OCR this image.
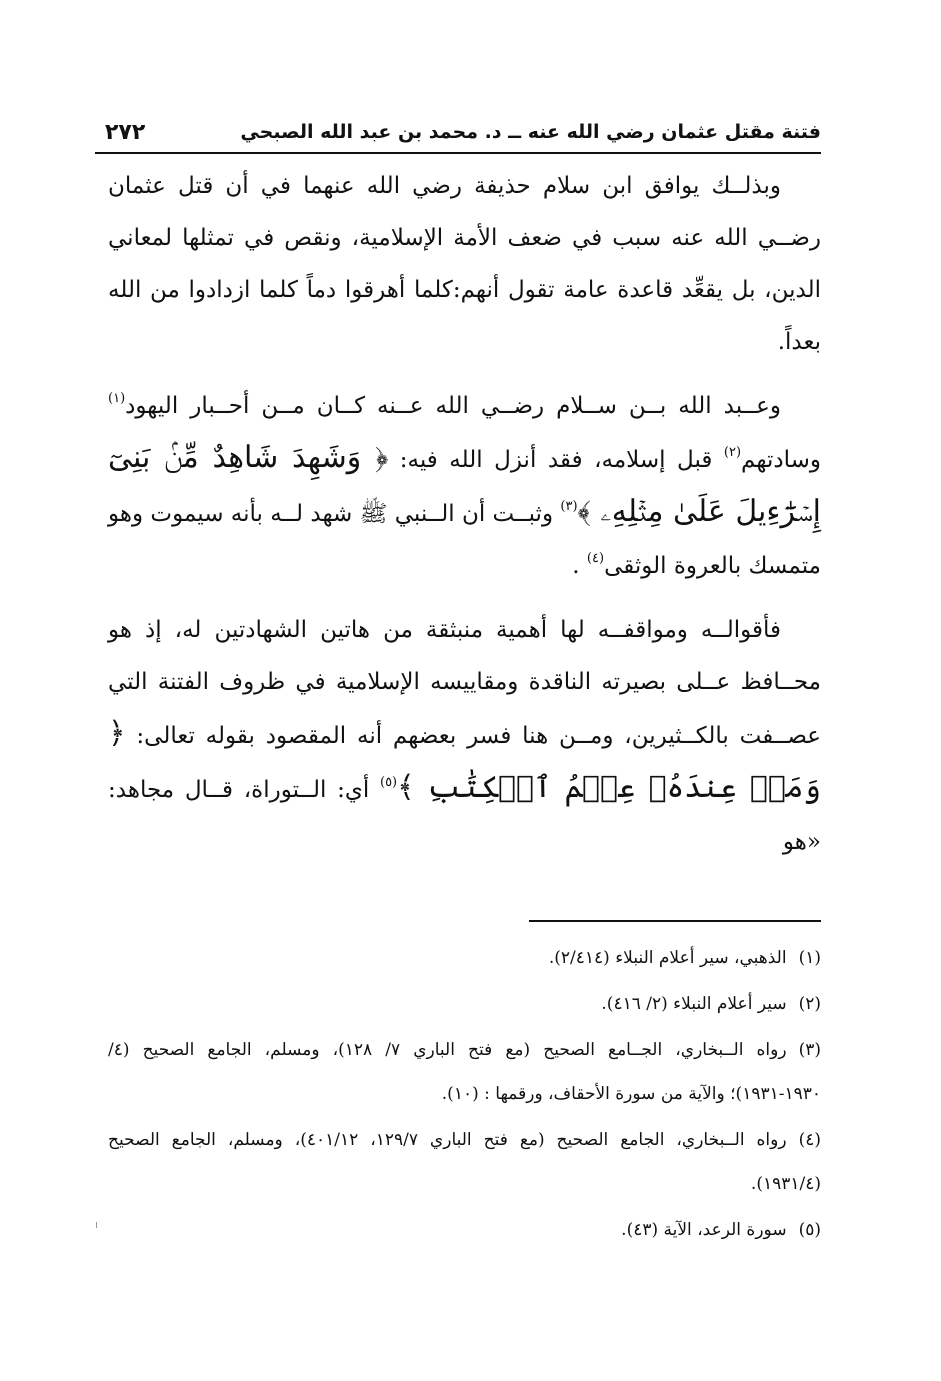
فتنة مقتل عثمان رضي الله عنه ــ د. محمد بن عبد الله الصبحي
٢٧٢

وبذلــك يوافق ابن سلام حذيفة رضي الله عنهما في أن قتل عثمان رضــي الله عنه سبب في ضعف الأمة الإسلامية، ونقص في تمثلها لمعاني الدين، بل يقعِّد قاعدة عامة تقول أنهم:كلما أهرقوا دماً كلما ازدادوا من الله بعداً.

وعــبد الله بــن ســلام رضــي الله عــنه كــان مــن أحــبار اليهود$^{(١)}$ وسادتهم$^{(٢)}$ قبل إسلامه، فقد أنزل الله فيه: ﴿ وَشَهِدَ شَاهِدٌ مِّنۢ بَنِىٓ إِسۡرَٰٓءِيلَ عَلَىٰ مِثۡلِهِۦ ﴾$^{(٣)}$ وثبــت أن الــنبي ﷺ شهد لــه بأنه سيموت وهو متمسك بالعروة الوثقى$^{(٤)}$ .

فأقوالــه ومواقفــه لها أهمية منبثقة من هاتين الشهادتين له، إذ هو محــافظ عــلى بصيرته الناقدة ومقاييسه الإسلامية في ظروف الفتنة التي عصــفت بالكــثيرين، ومــن هنا فسر بعضهم أنه المقصود بقوله تعالى: ﴿ وَمَنۡ عِندَهُۥ عِلۡمُ ٱلۡكِتَٰبِ ﴾$^{(٥)}$ أي: الــتوراة، قــال مجاهد: «هو

(١)الذهبي، سير أعلام النبلاء (٢/٤١٤).

(٢)سير أعلام النبلاء (٢/ ٤١٦).

(٣)رواه الــبخاري، الجــامع الصحيح (مع فتح الباري ٧/ ١٢٨)، ومسلم، الجامع الصحيح (٤/ ١٩٣٠-١٩٣١)؛ والآية من سورة الأحقاف، ورقمها : (١٠).

(٤)رواه الــبخاري، الجامع الصحيح (مع فتح الباري ١٢٩/٧، ٤٠١/١٢)، ومسلم، الجامع الصحيح (١٩٣١/٤).

(٥)سورة الرعد، الآية (٤٣).
